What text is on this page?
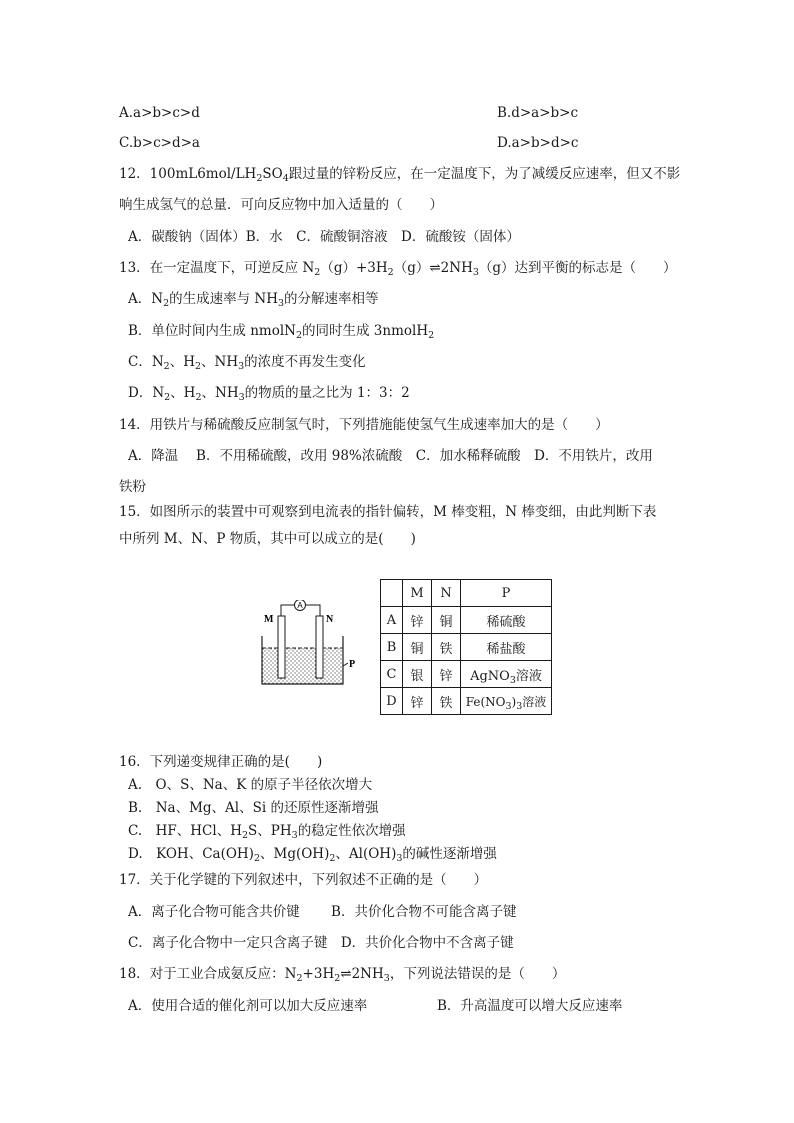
A.a>b>c>d	B.d>a>b>c
C.b>c>d>a	D.a>b>d>c
12．$100mL6mol/LH_2SO_4$跟过量的锌粉反应，在一定温度下，为了减缓反应速率，但又不影
响生成氢气的总量．可向反应物中加入适量的（　　）
A．碳酸钠（固体）B．水　C．硫酸铜溶液　D．硫酸铵（固体）
13．在一定温度下，可逆反应 $N_2(g)+3H_2(g)\rightleftharpoons 2NH_3(g)$达到平衡的标志是（　　）
A．$N_2$的生成速率与 $NH_3$的分解速率相等
B．单位时间内生成 nmolN$_2$的同时生成 3nmolH$_2$
C．$N_2$、$H_2$、$NH_3$的浓度不再发生变化
D．$N_2$、$H_2$、$NH_3$的物质的量之比为 1：3：2
14．用铁片与稀硫酸反应制氢气时，下列措施能使氢气生成速率加大的是（　　）
A．降温　 B．不用稀硫酸，改用 98%浓硫酸　C．加水稀释硫酸　D．不用铁片，改用
铁粉
15．如图所示的装置中可观察到电流表的指针偏转，M 棒变粗，N 棒变细，由此判断下表
中所列 M、N、P 物质，其中可以成立的是(　　)
A
M	N
P
	M	N	P
A	锌	铜	稀硫酸
B	铜	铁	稀盐酸
C	银	锌	AgNO$_3$溶液
D	锌	铁	$Fe(NO_3)_3$溶液
16．下列递变规律正确的是(　　)
A.　O、S、Na、K 的原子半径依次增大
B.　Na、Mg、Al、Si 的还原性逐渐增强
C.　HF、HCl、$H_2S$、$PH_3$的稳定性依次增强
D.　KOH、$Ca(OH)_2$、$Mg(OH)_2$、$Al(OH)_3$的碱性逐渐增强
17．关于化学键的下列叙述中，下列叙述不正确的是（　　）
A．离子化合物可能含共价键　　 B．共价化合物不可能含离子键
C．离子化合物中一定只含离子键　D．共价化合物中不含离子键
18．对于工业合成氨反应：$N_2+3H_2\rightleftharpoons 2NH_3$，下列说法错误的是（　　）
A．使用合适的催化剂可以加大反应速率	B．升高温度可以增大反应速率
